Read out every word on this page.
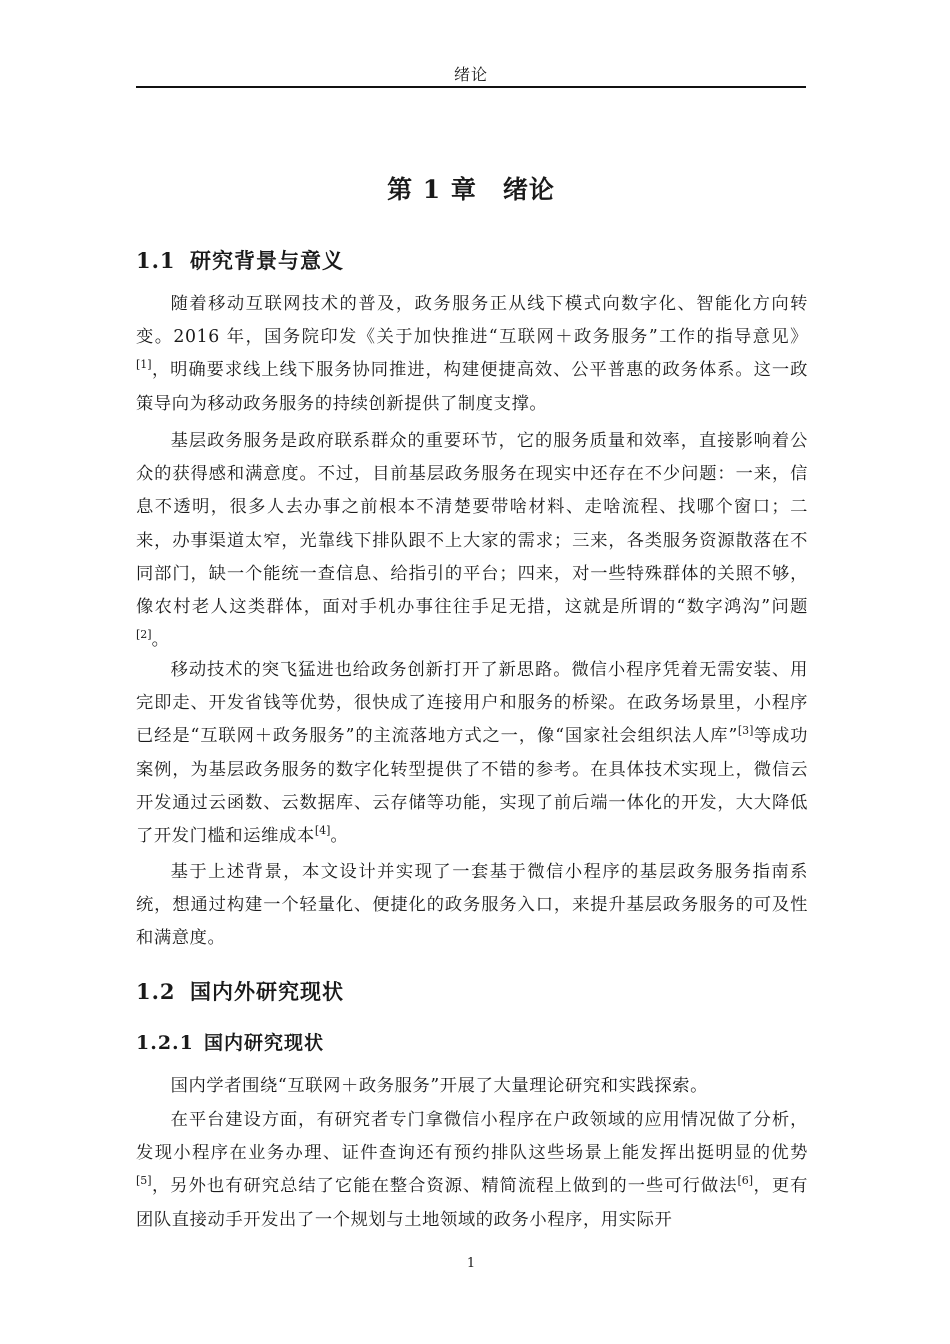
绪论
第 1 章 绪论
1.1 研究背景与意义

随着移动互联网技术的普及，政务服务正从线下模式向数字化、智能化方向转变。2016 年，国务院印发《关于加快推进“互联网＋政务服务”工作的指导意见》[1]，明确要求线上线下服务协同推进，构建便捷高效、公平普惠的政务体系。这一政策导向为移动政务服务的持续创新提供了制度支撑。

基层政务服务是政府联系群众的重要环节，它的服务质量和效率，直接影响着公众的获得感和满意度。不过，目前基层政务服务在现实中还存在不少问题：一来，信息不透明，很多人去办事之前根本不清楚要带啥材料、走啥流程、找哪个窗口；二来，办事渠道太窄，光靠线下排队跟不上大家的需求；三来，各类服务资源散落在不同部门，缺一个能统一查信息、给指引的平台；四来，对一些特殊群体的关照不够，像农村老人这类群体，面对手机办事往往手足无措，这就是所谓的“数字鸿沟”问题[2]。

移动技术的突飞猛进也给政务创新打开了新思路。微信小程序凭着无需安装、用完即走、开发省钱等优势，很快成了连接用户和服务的桥梁。在政务场景里，小程序已经是“互联网＋政务服务”的主流落地方式之一，像“国家社会组织法人库”[3]等成功案例，为基层政务服务的数字化转型提供了不错的参考。在具体技术实现上，微信云开发通过云函数、云数据库、云存储等功能，实现了前后端一体化的开发，大大降低了开发门槛和运维成本[4]。

基于上述背景，本文设计并实现了一套基于微信小程序的基层政务服务指南系统，想通过构建一个轻量化、便捷化的政务服务入口，来提升基层政务服务的可及性和满意度。

1.2 国内外研究现状
1.2.1 国内研究现状

国内学者围绕“互联网＋政务服务”开展了大量理论研究和实践探索。

在平台建设方面，有研究者专门拿微信小程序在户政领域的应用情况做了分析，发现小程序在业务办理、证件查询还有预约排队这些场景上能发挥出挺明显的优势[5]，另外也有研究总结了它能在整合资源、精简流程上做到的一些可行做法[6]，更有团队直接动手开发出了一个规划与土地领域的政务小程序，用实际开

1
